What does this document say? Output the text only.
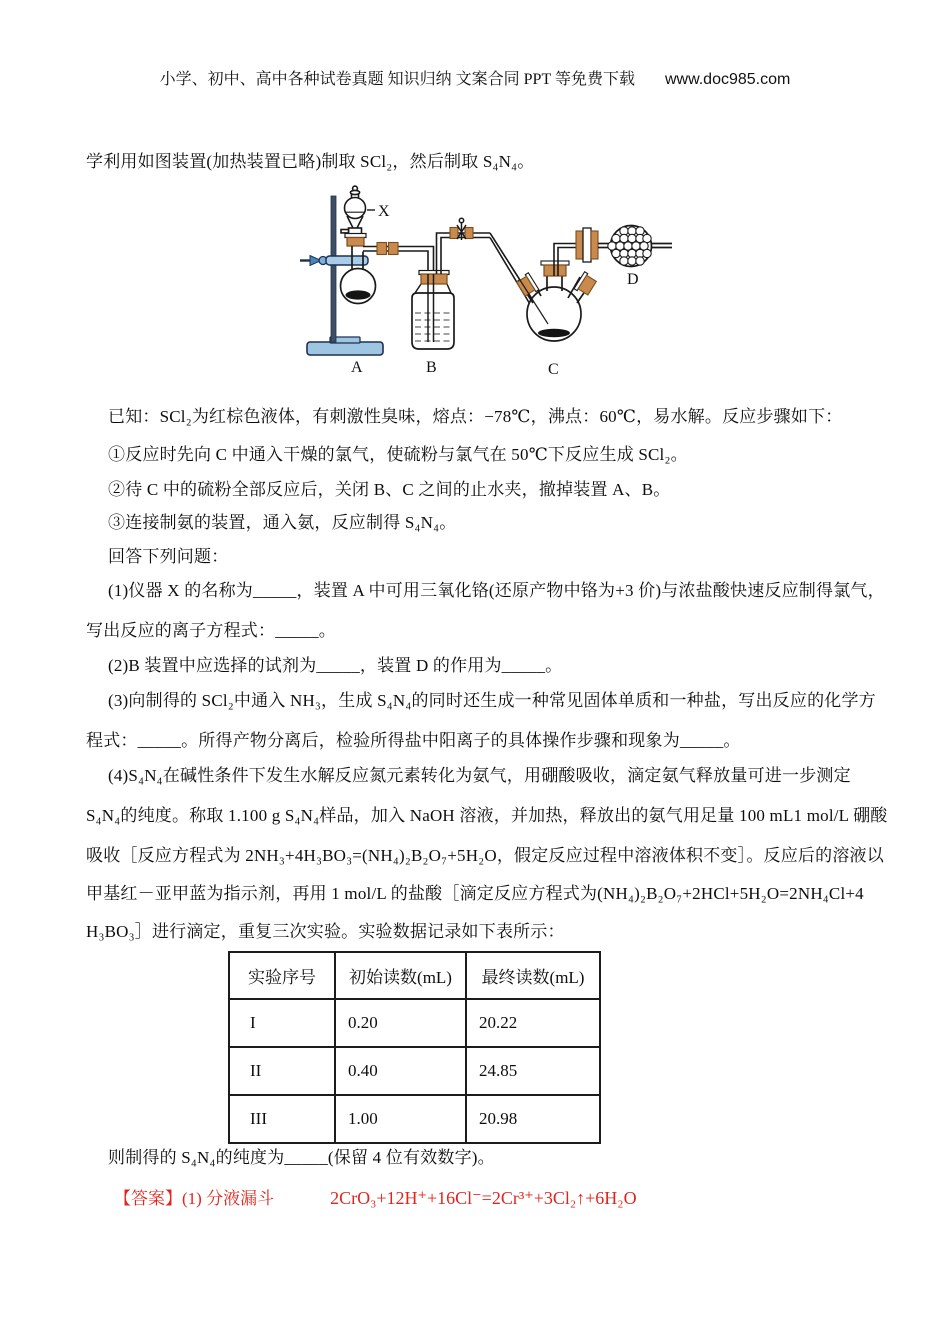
小学、初中、高中各种试卷真题 知识归纳 文案合同 PPT 等免费下载 www.doc985.com
学利用如图装置(加热装置已略)制取 SCl₂，然后制取 S₄N₄。
X
A	B	C
D
已知：SCl₂为红棕色液体，有刺激性臭味，熔点：−78℃，沸点：60℃，易水解。反应步骤如下：
①反应时先向 C 中通入干燥的氯气，使硫粉与氯气在 50℃下反应生成 SCl₂。
②待 C 中的硫粉全部反应后，关闭 B、C 之间的止水夹，撤掉装置 A、B。
③连接制氨的装置，通入氨，反应制得 S₄N₄。
回答下列问题：
(1)仪器 X 的名称为_____，装置 A 中可用三氧化铬(还原产物中铬为+3 价)与浓盐酸快速反应制得氯气，
写出反应的离子方程式：_____。
(2)B 装置中应选择的试剂为_____，装置 D 的作用为_____。
(3)向制得的 SCl₂中通入 NH₃，生成 S₄N₄的同时还生成一种常见固体单质和一种盐，写出反应的化学方
程式：_____。所得产物分离后，检验所得盐中阳离子的具体操作步骤和现象为_____。
(4)S₄N₄在碱性条件下发生水解反应氮元素转化为氨气，用硼酸吸收，滴定氨气释放量可进一步测定
S₄N₄的纯度。称取 1.100 g S₄N₄样品，加入 NaOH 溶液，并加热，释放出的氨气用足量 100 mL1 mol/L 硼酸
吸收［反应方程式为 2NH₃+4H₃BO₃=(NH₄)₂B₂O₇+5H₂O，假定反应过程中溶液体积不变］。反应后的溶液以
甲基红－亚甲蓝为指示剂，再用 1 mol/L 的盐酸［滴定反应方程式为(NH₄)₂B₂O₇+2HCl+5H₂O=2NH₄Cl+4
H₃BO₃］进行滴定，重复三次实验。实验数据记录如下表所示：
实验序号	初始读数(mL)	最终读数(mL)
I	0.20	20.22
II	0.40	24.85
III	1.00	20.98
则制得的 S₄N₄的纯度为_____(保留 4 位有效数字)。
【答案】(1) 分液漏斗	2CrO₃+12H⁺+16Cl⁻=2Cr³⁺+3Cl₂↑+6H₂O
